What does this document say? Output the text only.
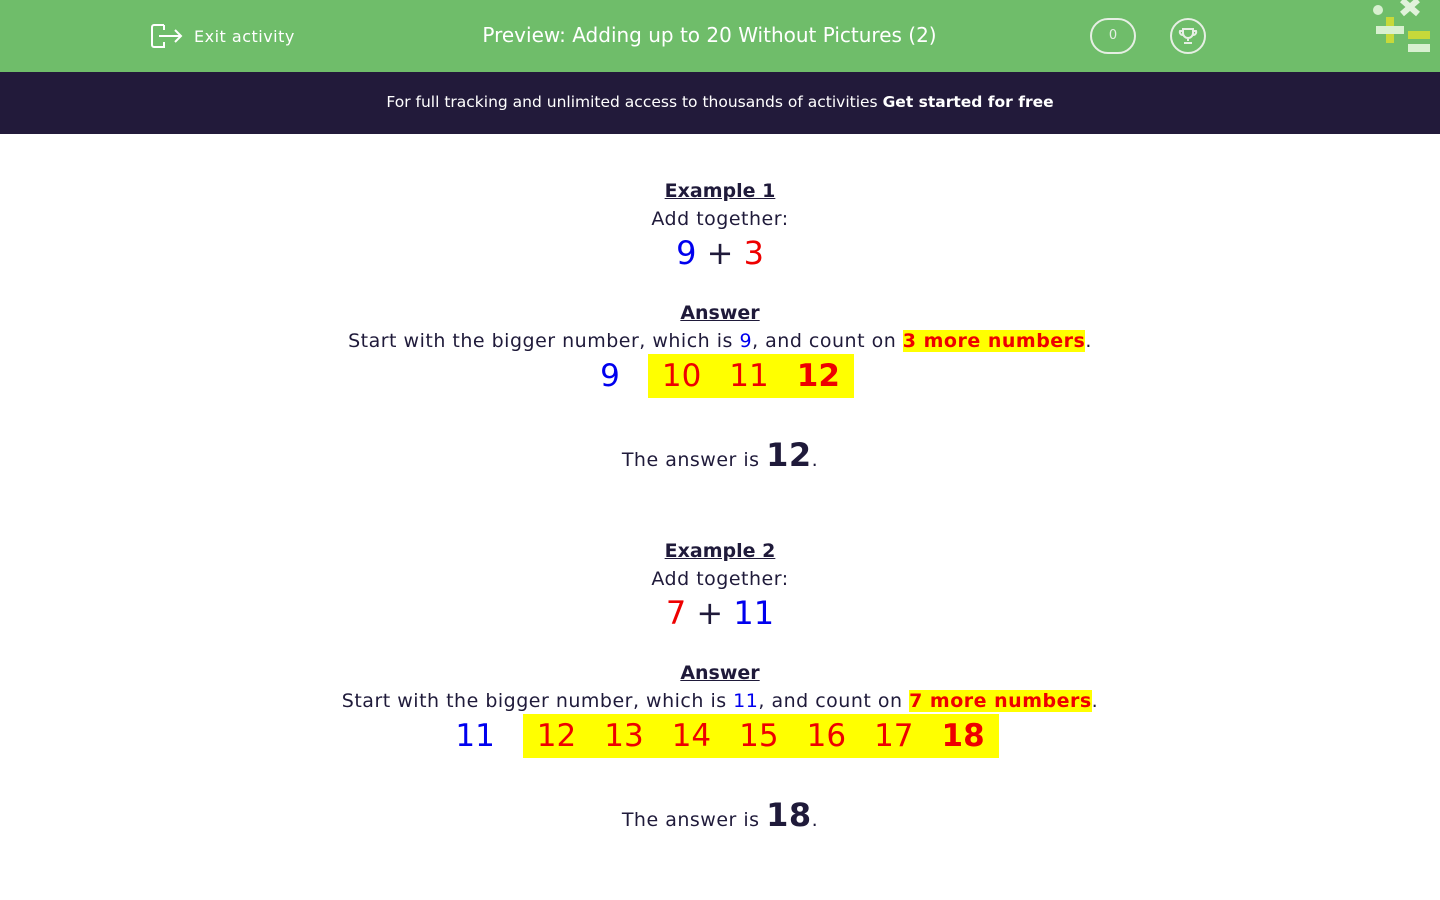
Exit activity	Preview: Adding up to 20 Without Pictures (2)	0
For full tracking and unlimited access to thousands of activities Get started for free
Example 1
Add together:
9 + 3
Answer
Start with the bigger number, which is 9, and count on 3 more numbers.
9	10 11 12
The answer is 12.
Example 2
Add together:
7 + 11
Answer
Start with the bigger number, which is 11, and count on 7 more numbers.
11	12 13 14 15 16 17 18
The answer is 18.
